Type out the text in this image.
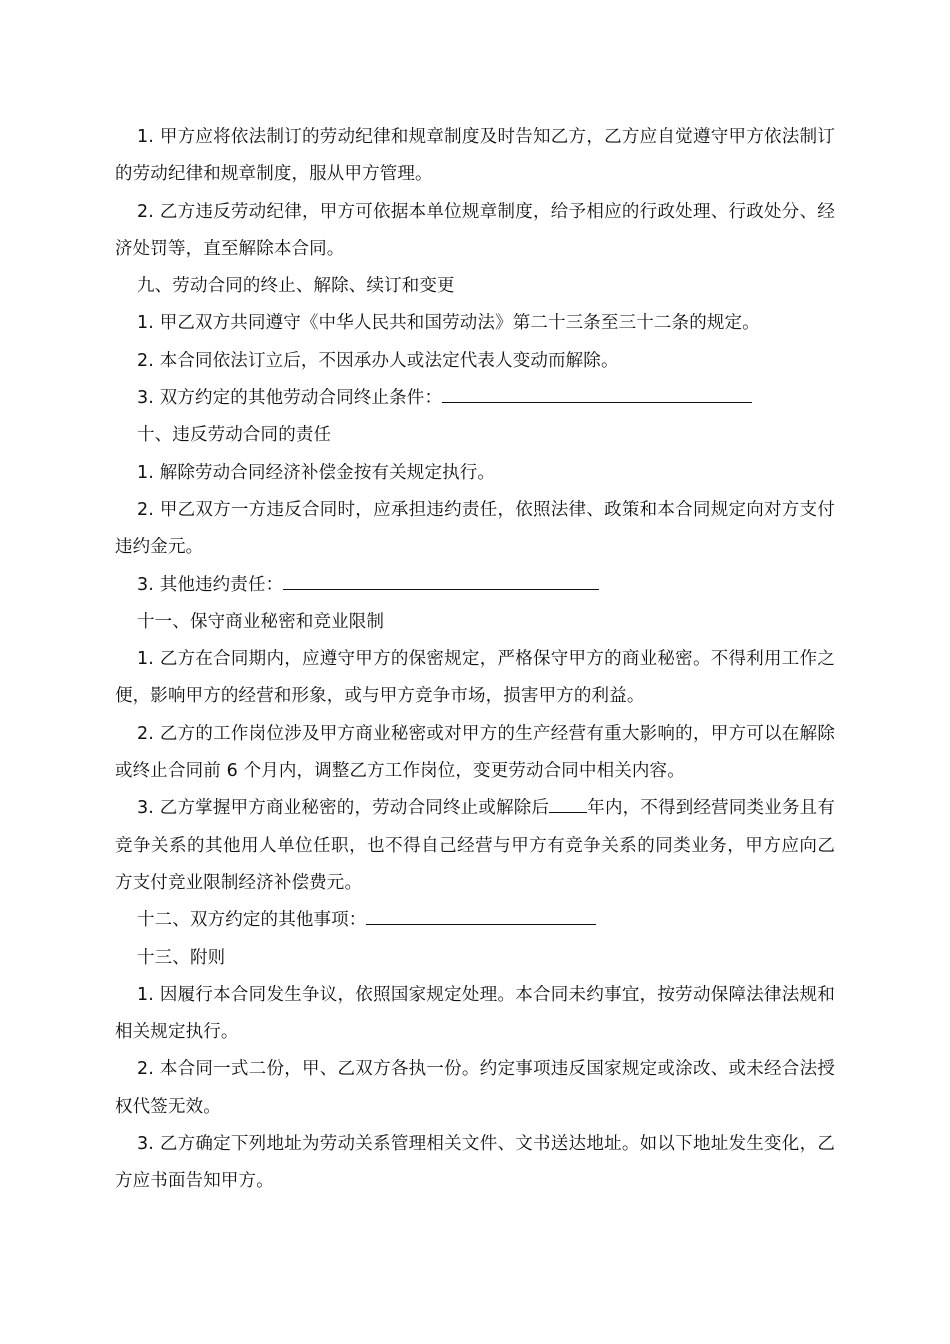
1. 甲方应将依法制订的劳动纪律和规章制度及时告知乙方，乙方应自觉遵守甲方依法制订的劳动纪律和规章制度，服从甲方管理。

2. 乙方违反劳动纪律，甲方可依据本单位规章制度，给予相应的行政处理、行政处分、经济处罚等，直至解除本合同。

九、劳动合同的终止、解除、续订和变更

1. 甲乙双方共同遵守《中华人民共和国劳动法》第二十三条至三十二条的规定。

2. 本合同依法订立后，不因承办人或法定代表人变动而解除。

3. 双方约定的其他劳动合同终止条件：

十、违反劳动合同的责任

1. 解除劳动合同经济补偿金按有关规定执行。

2. 甲乙双方一方违反合同时，应承担违约责任，依照法律、政策和本合同规定向对方支付违约金元。

3. 其他违约责任：

十一、保守商业秘密和竞业限制

1. 乙方在合同期内，应遵守甲方的保密规定，严格保守甲方的商业秘密。不得利用工作之便，影响甲方的经营和形象，或与甲方竞争市场，损害甲方的利益。

2. 乙方的工作岗位涉及甲方商业秘密或对甲方的生产经营有重大影响的，甲方可以在解除或终止合同前 6 个月内，调整乙方工作岗位，变更劳动合同中相关内容。

3. 乙方掌握甲方商业秘密的，劳动合同终止或解除后 年内，不得到经营同类业务且有竞争关系的其他用人单位任职，也不得自己经营与甲方有竞争关系的同类业务，甲方应向乙方支付竞业限制经济补偿费元。

十二、双方约定的其他事项：

十三、附则

1. 因履行本合同发生争议，依照国家规定处理。本合同未约事宜，按劳动保障法律法规和相关规定执行。

2. 本合同一式二份，甲、乙双方各执一份。约定事项违反国家规定或涂改、或未经合法授权代签无效。

3. 乙方确定下列地址为劳动关系管理相关文件、文书送达地址。如以下地址发生变化，乙方应书面告知甲方。
